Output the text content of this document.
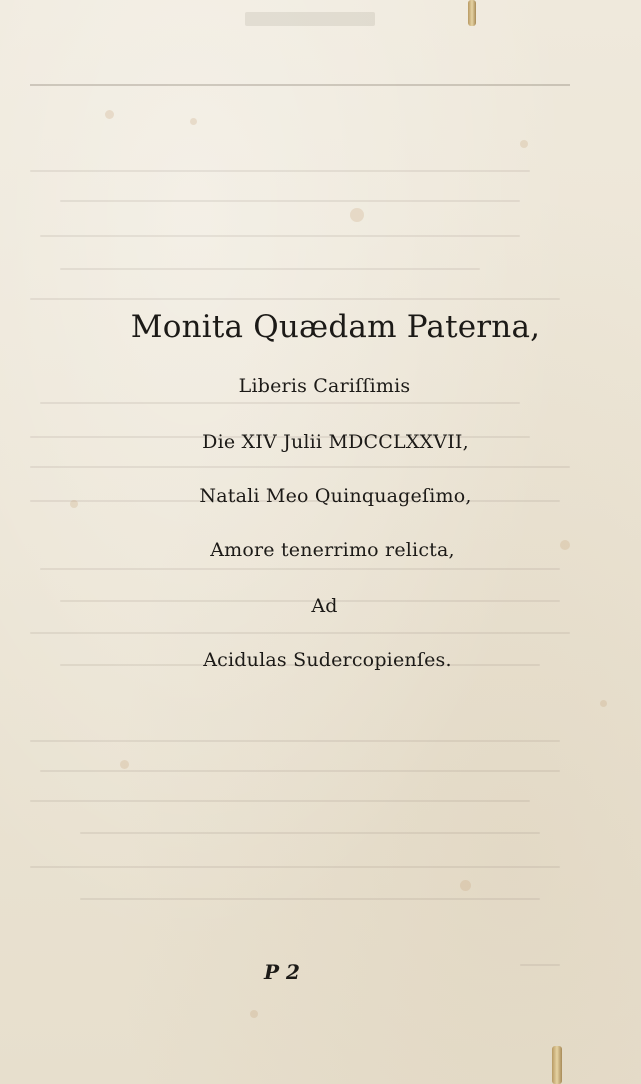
Monita Quædam Paterna,
Liberis Cariſſimis
Die XIV Julii MDCCLXXVII,
Natali Meo Quinquageſimo,
Amore tenerrimo relicta,
Ad
Acidulas Sudercopienſes.
P 2
